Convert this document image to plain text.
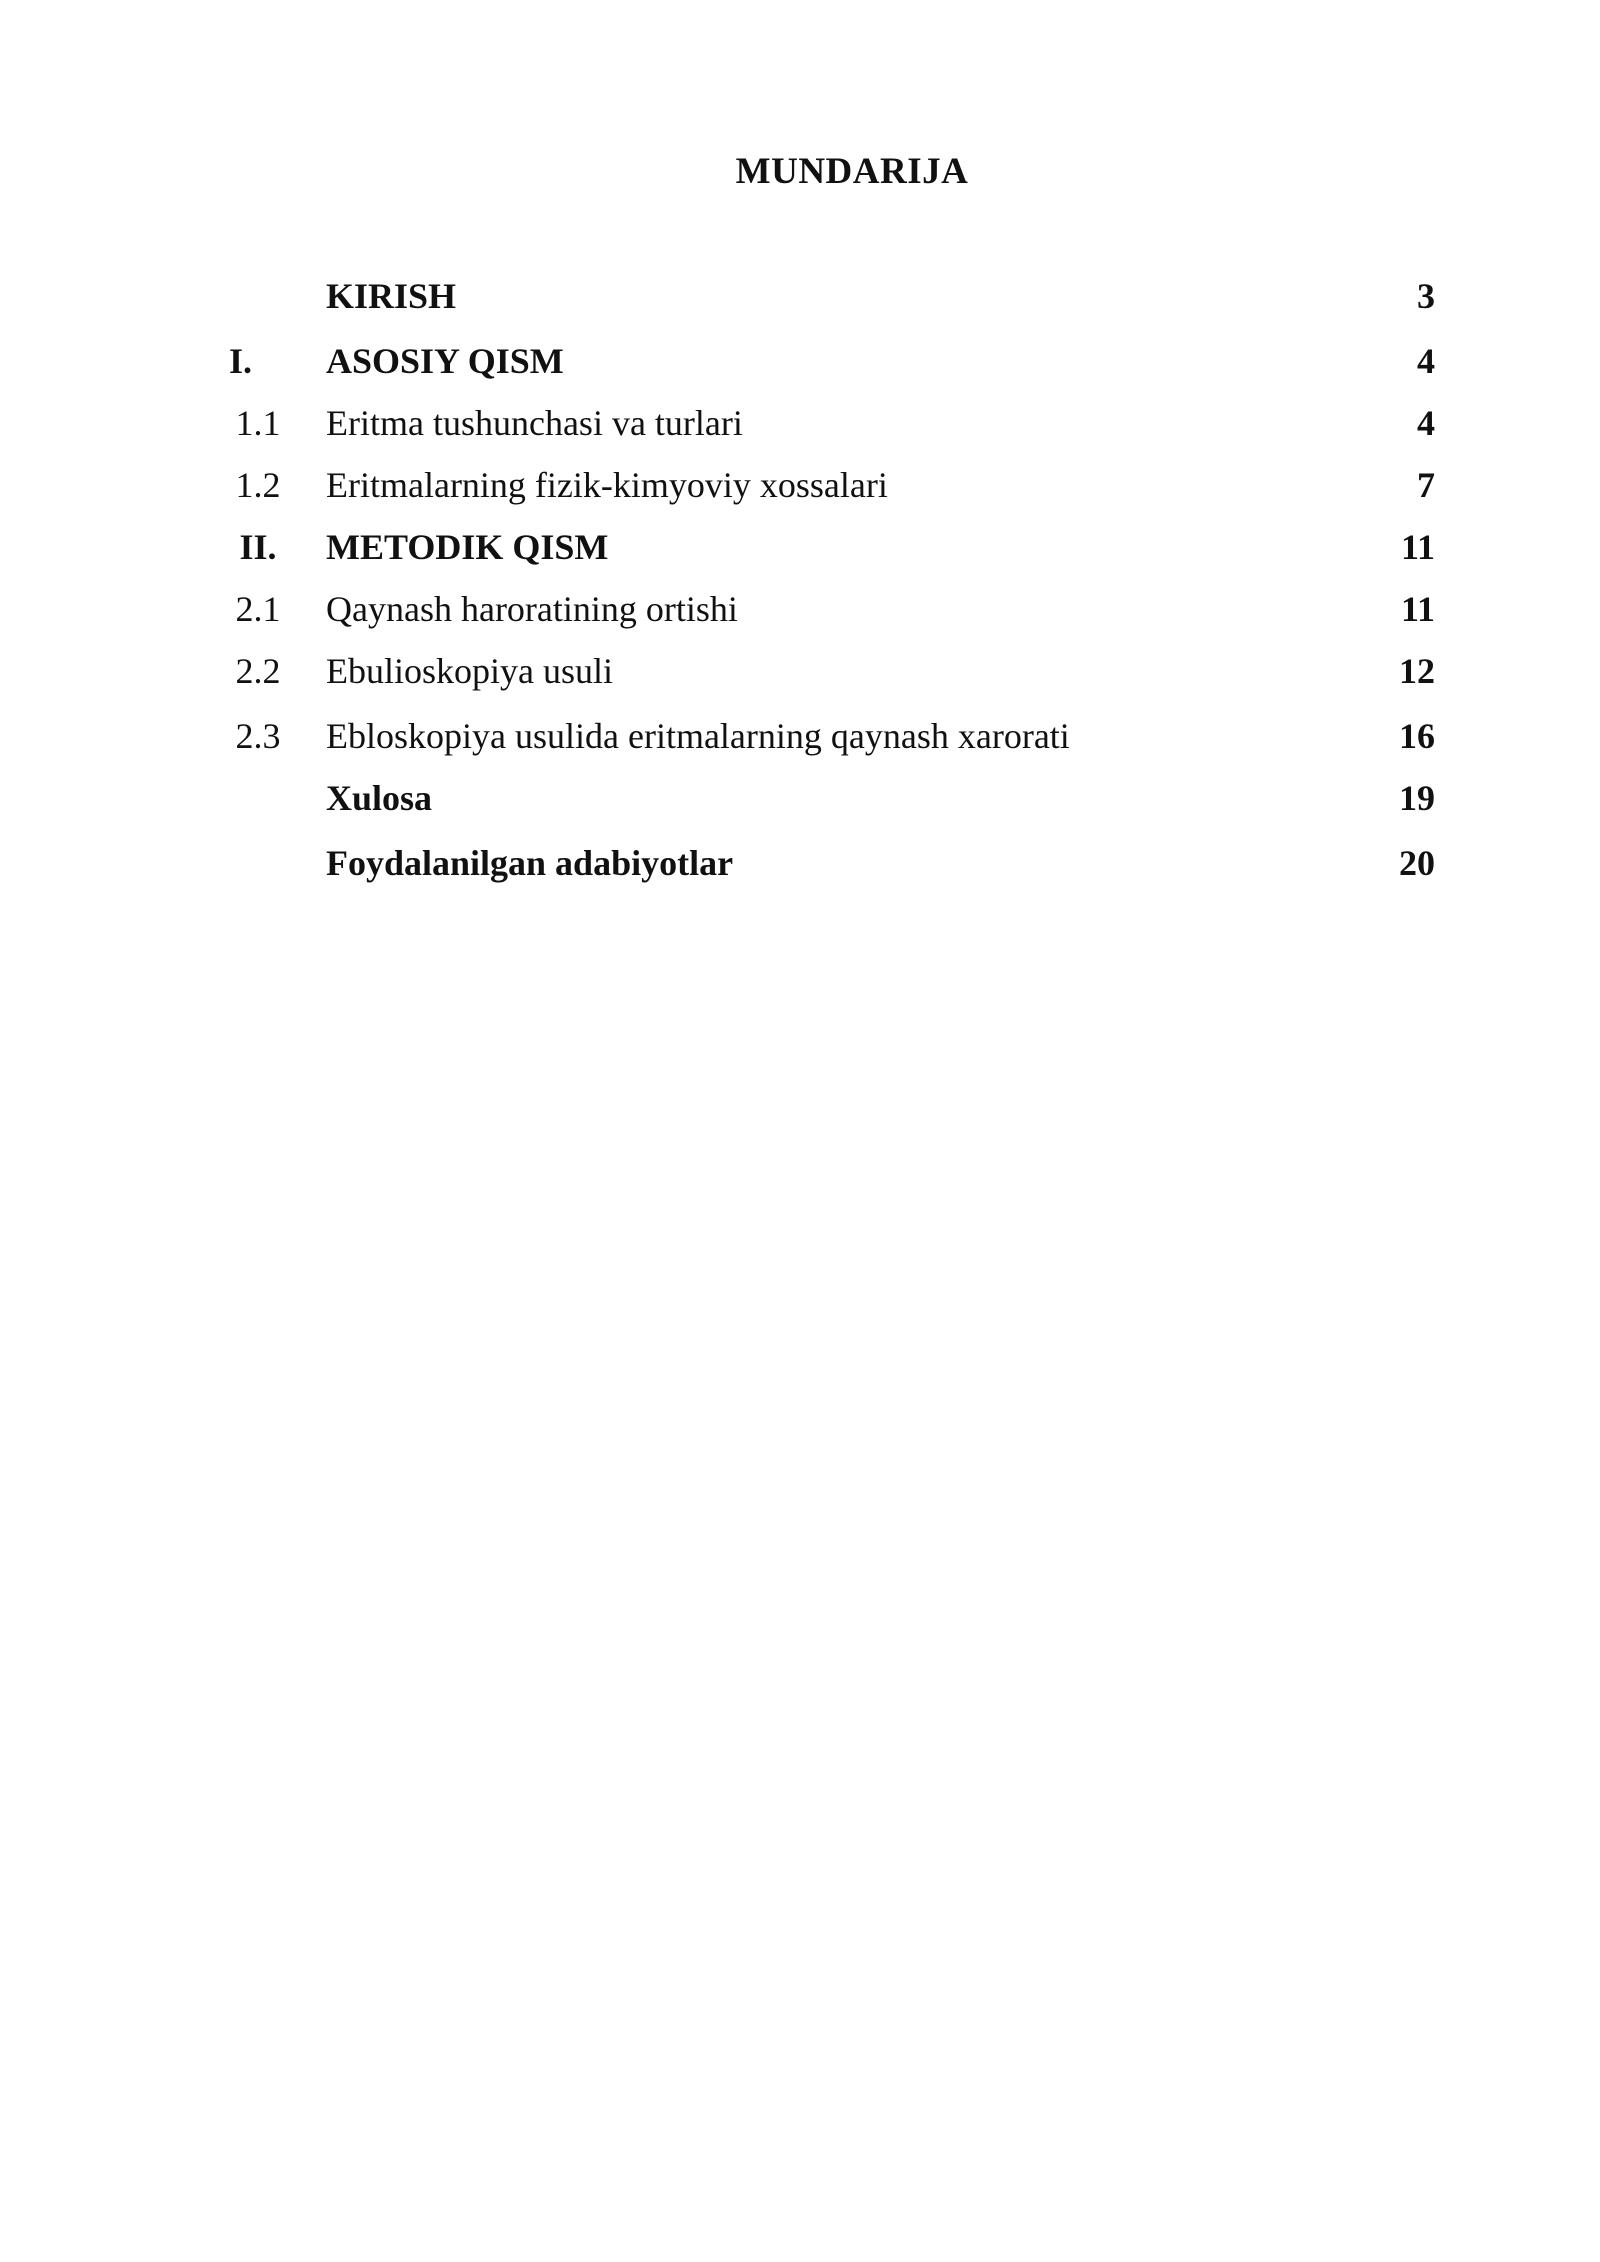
MUNDARIJA
KIRISH	3
I.	ASOSIY QISM	4
1.1 Eritma tushunchasi va turlari	4
1.2 Eritmalarning fizik-kimyoviy xossalari	7
II.	METODIK QISM	11
2.1 Qaynash haroratining ortishi	11
2.2 Ebulioskopiya usuli	12
2.3 Ebloskopiya usulida eritmalarning qaynash xarorati	16
Xulosa	19
Foydalanilgan adabiyotlar	20
